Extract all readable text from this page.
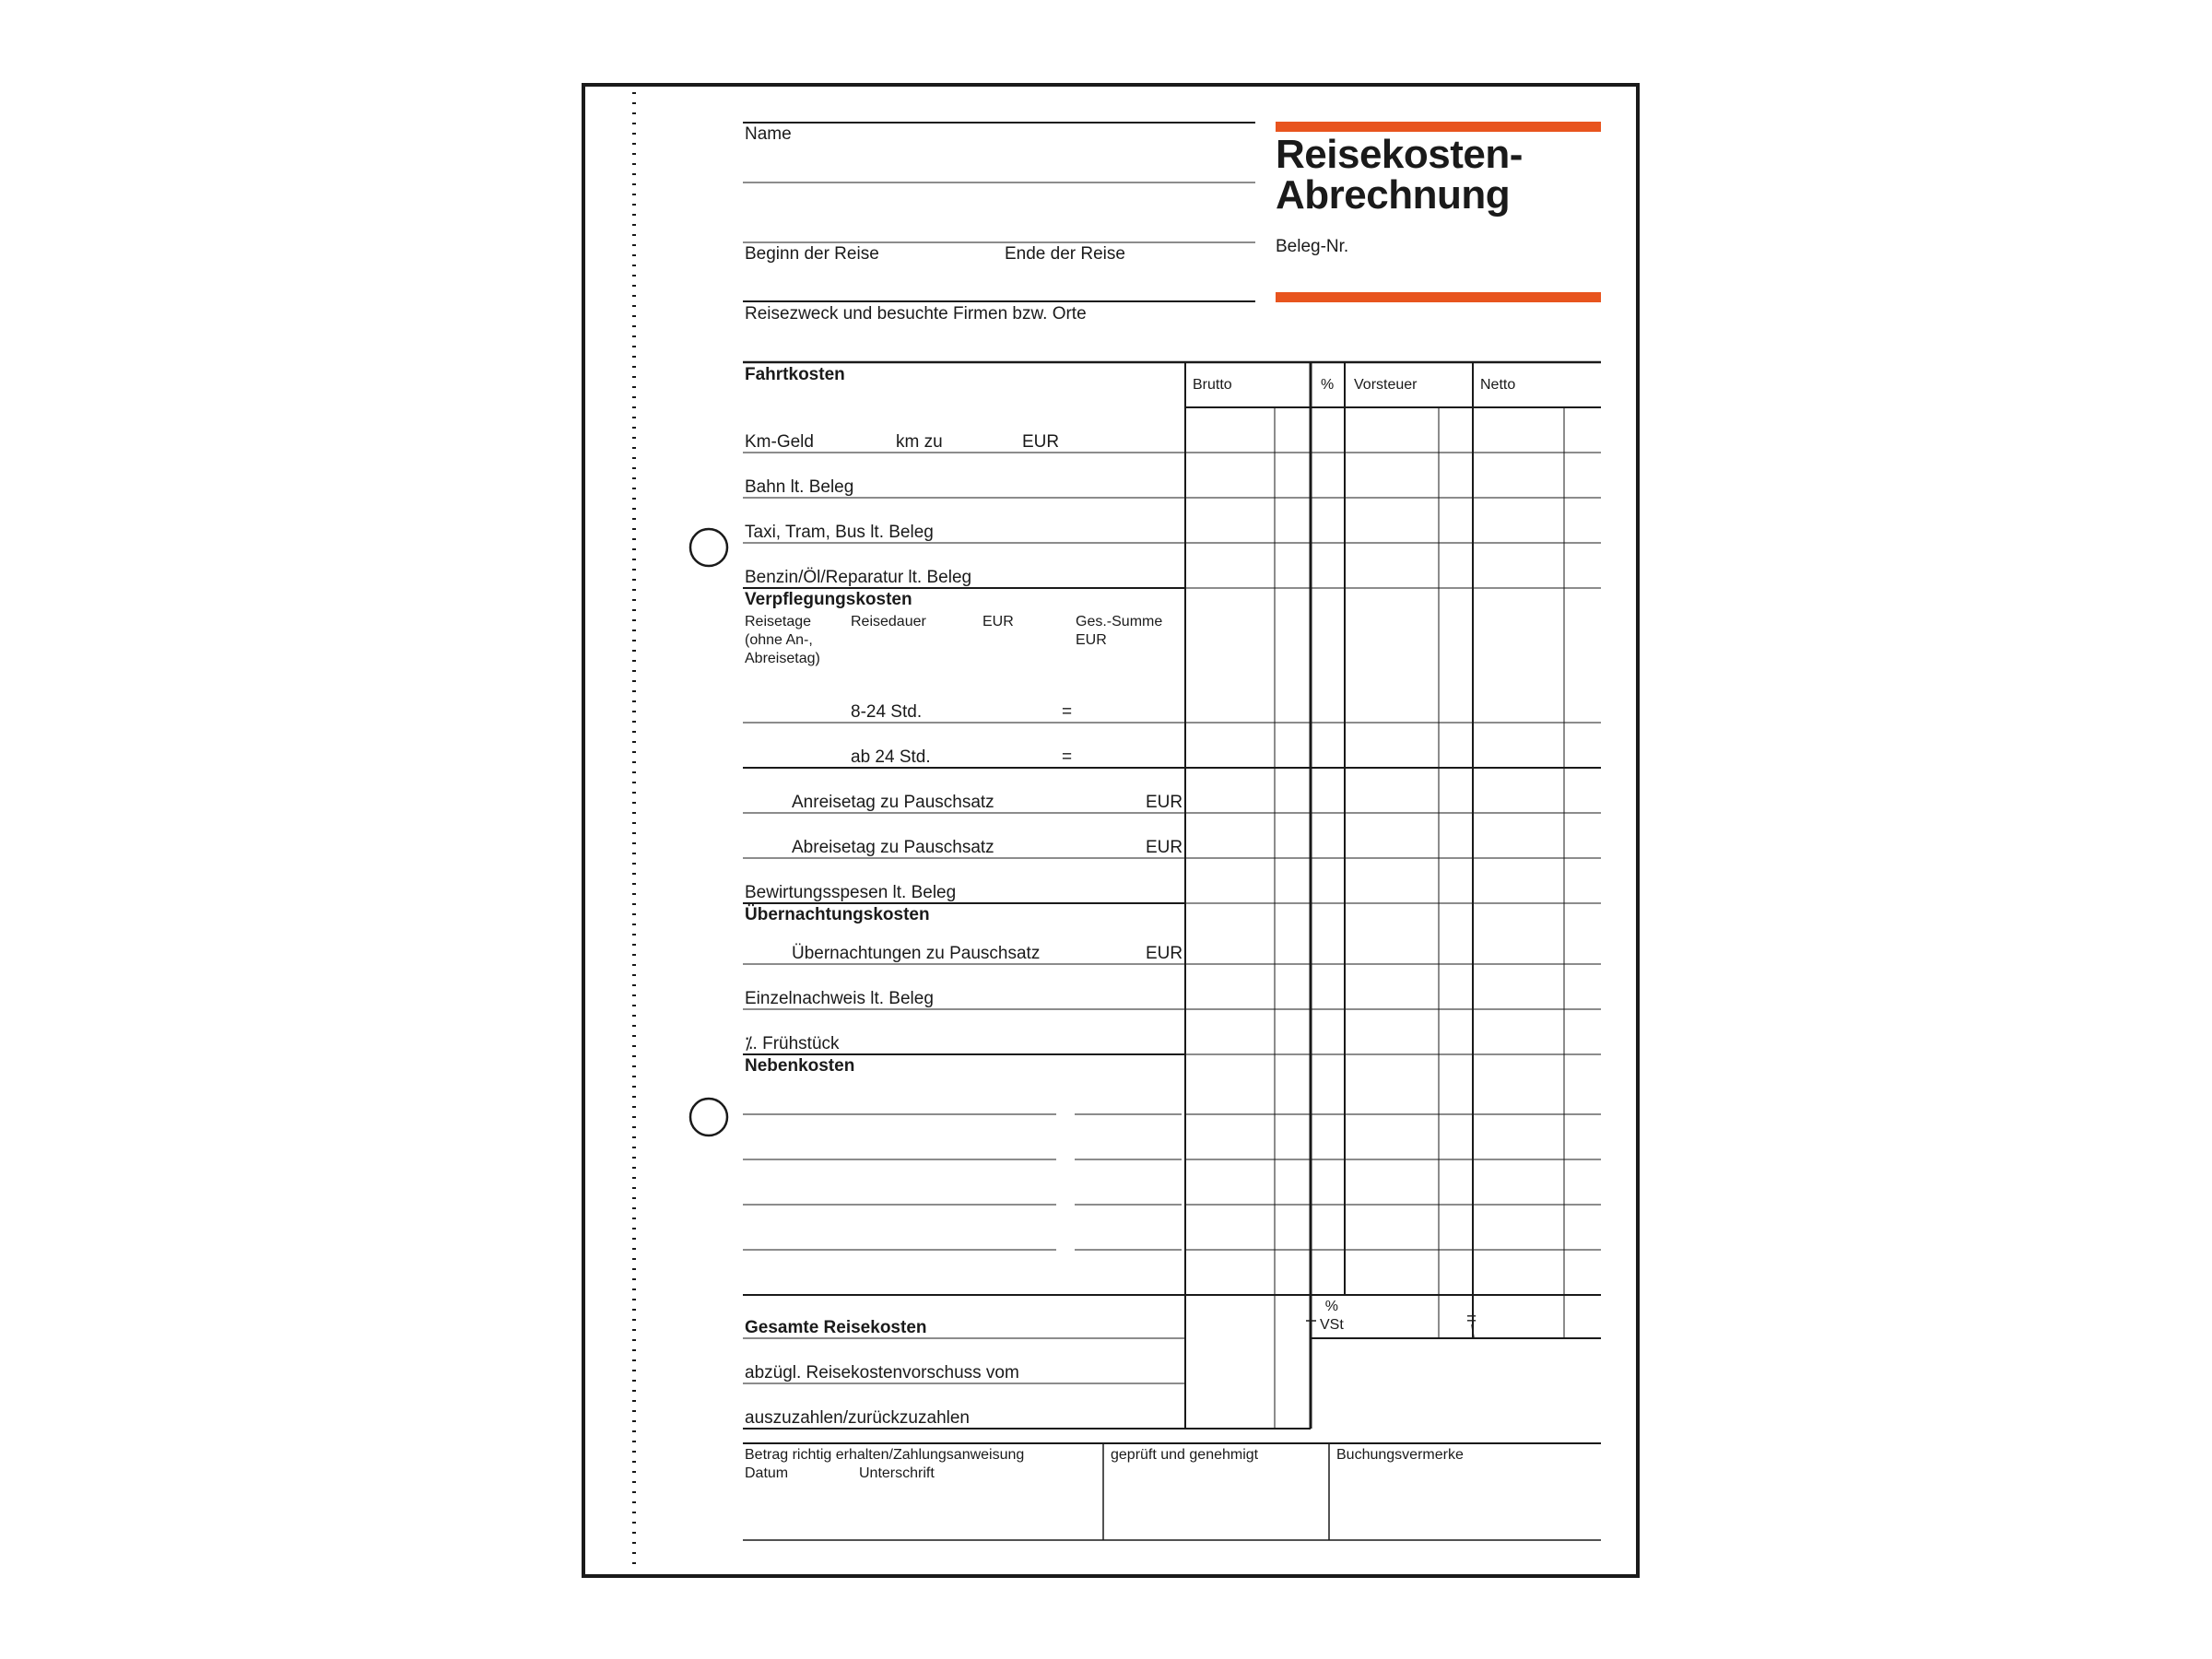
Name
Beginn der Reise	Ende der Reise
Reisezweck und besuchte Firmen bzw. Orte
Reisekosten-
Abrechnung
Beleg-Nr.
Brutto	% Vorsteuer	Netto
Fahrtkosten
Km-Geld	km zu	EUR
Bahn lt. Beleg
Taxi, Tram, Bus lt. Beleg
Benzin/Öl/Reparatur lt. Beleg
Verpflegungskosten
Reisetage
(ohne An-,
Abreisetag)
Reisedauer	EUR	Ges.-Summe
EUR
8-24 Std.	=
ab 24 Std.	=
Anreisetag zu Pauschsatz	EUR
Abreisetag zu Pauschsatz	EUR
Bewirtungsspesen lt. Beleg
Übernachtungskosten
Übernachtungen zu Pauschsatz	EUR
Einzelnachweis lt. Beleg
⁒. Frühstück
Nebenkosten
%
VSt	=
Gesamte Reisekosten
abzügl. Reisekostenvorschuss vom
auszuzahlen/zurückzuzahlen
Betrag richtig erhalten/Zahlungsanweisung
Datum	Unterschrift
geprüft und genehmigt	Buchungsvermerke
